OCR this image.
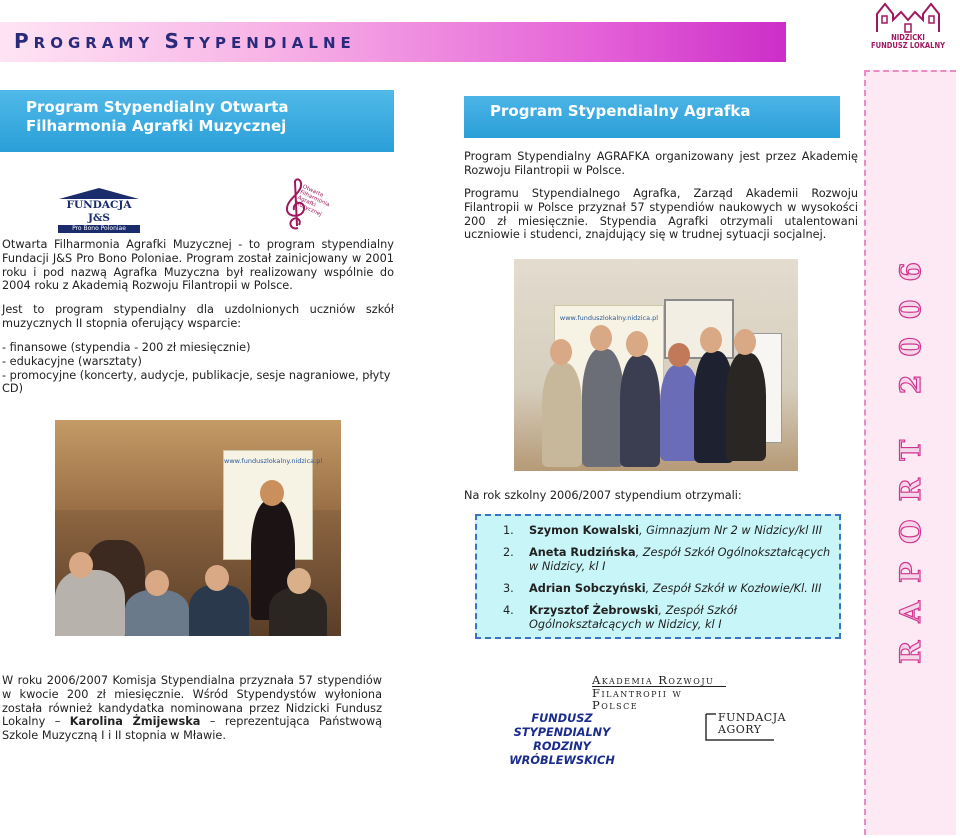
PROGRAMY STYPENDIALNE	NIDZICKI
FUNDUSZ LOKALNY
RAPORT 2006
Program Stypendialny Otwarta Filharmonia Agrafki Muzycznej
Program Stypendialny Agrafka
FUNDACJA J&S
Pro Bono Poloniae
Otwarta Filharmonia Agrafki Muzycznej
Otwarta Filharmonia Agrafki Muzycznej - to program stypendialny Fundacji J&S Pro Bono Poloniae. Program został zainicjowany w 2001 roku i pod nazwą Agrafka Muzyczna był realizowany wspólnie do 2004 roku z Akademią Rozwoju Filantropii w Polsce.
Jest to program stypendialny dla uzdolnionych uczniów szkół muzycznych II stopnia oferujący wsparcie:
- finansowe (stypendia - 200 zł miesięcznie)
- edukacyjne (warsztaty)
- promocyjne (koncerty, audycje, publikacje, sesje nagraniowe, płyty CD)
www.funduszlokalny.nidzica.pl
W roku 2006/2007 Komisja Stypendialna przyznała 57 stypendiów w kwocie 200 zł miesięcznie. Wśród Stypendystów wyłoniona została również kandydatka nominowana przez Nidzicki Fundusz Lokalny – Karolina Żmijewska – reprezentująca Państwową Szkole Muzyczną I i II stopnia w Mławie.
Program Stypendialny AGRAFKA organizowany jest przez Akademię Rozwoju Filantropii w Polsce.
Programu Stypendialnego Agrafka, Zarząd Akademii Rozwoju Filantropii w Polsce przyznał 57 stypendiów naukowych w wysokości 200 zł miesięcznie. Stypendia Agrafki otrzymali utalentowani uczniowie i studenci, znajdujący się w trudnej sytuacji socjalnej.
www.funduszlokalny.nidzica.pl
Na rok szkolny 2006/2007 stypendium otrzymali:
1.	Szymon Kowalski, Gimnazjum Nr 2 w Nidzicy/kl III
2.	Aneta Rudzińska, Zespół Szkół Ogólnokształcących w Nidzicy, kl I
3.	Adrian Sobczyński, Zespół Szkół w Kozłowie/Kl. III
4.	Krzysztof Żebrowski, Zespół Szkół Ogólnokształcących w Nidzicy, kl I
Akademia Rozwoju
Filantropii w Polsce
FUNDUSZ STYPENDIALNY RODZINY WRÓBLEWSKICH
FUNDACJA
AGORY
